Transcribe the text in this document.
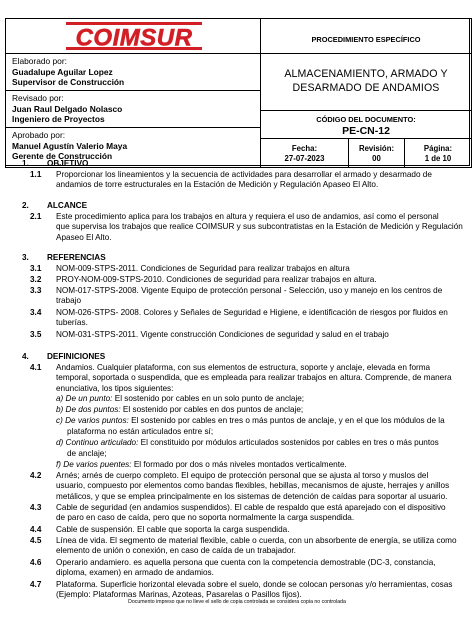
COIMSUR
Elaborado por:
Guadalupe Aguilar Lopez
Supervisor de Construcción
Revisado por:
Juan Raul Delgado Nolasco
Ingeniero de Proyectos
Aprobado por:
Manuel Agustín Valerio Maya
Gerente de Construcción
PROCEDIMIENTO ESPECÍFICO
ALMACENAMIENTO, ARMADO Y
DESARMADO DE ANDAMIOS
CÓDIGO DEL DOCUMENTO:
PE-CN-12
Fecha:
27-07-2023
Revisión:
00
Página:
1 de 10
1. OBJETIVO
1.1 Proporcionar los lineamientos y la secuencia de actividades para desarrollar el armado y desarmado de
andamios de torre estructurales en la Estación de Medición y Regulación Apaseo El Alto.
2. ALCANCE
2.1 Este procedimiento aplica para los trabajos en altura y requiera el uso de andamios, así como el personal
que supervisa los trabajos que realice COIMSUR y sus subcontratistas en la Estación de Medición y Regulación
Apaseo El Alto.
3. REFERENCIAS
3.1 NOM-009-STPS-2011. Condiciones de Seguridad para realizar trabajos en altura
3.2 PROY-NOM-009-STPS-2010. Condiciones de seguridad para realizar trabajos en altura.
3.3 NOM-017-STPS-2008. Vigente Equipo de protección personal - Selección, uso y manejo en los centros de
trabajo
3.4 NOM-026-STPS- 2008. Colores y Señales de Seguridad e Higiene, e identificación de riesgos por fluidos en
tuberías.
3.5 NOM-031-STPS-2011. Vigente construcción Condiciones de seguridad y salud en el trabajo
4. DEFINICIONES
4.1 Andamios. Cualquier plataforma, con sus elementos de estructura, soporte y anclaje, elevada en forma
temporal, soportada o suspendida, que es empleada para realizar trabajos en altura. Comprende, de manera
enunciativa, los tipos siguientes:
a) De un punto: El sostenido por cables en un solo punto de anclaje;
b) De dos puntos: El sostenido por cables en dos puntos de anclaje;
c) De varios puntos: El sostenido por cables en tres o más puntos de anclaje, y en el que los módulos de la
plataforma no están articulados entre sí;
d) Continuo articulado: El constituido por módulos articulados sostenidos por cables en tres o más puntos
de anclaje;
f) De varios puentes: El formado por dos o más niveles montados verticalmente.
4.2 Arnés; arnés de cuerpo completo. El equipo de protección personal que se ajusta al torso y muslos del
usuario, compuesto por elementos como bandas flexibles, hebillas, mecanismos de ajuste, herrajes y anillos
metálicos, y que se emplea principalmente en los sistemas de detención de caídas para soportar al usuario.
4.3 Cable de seguridad (en andamios suspendidos). El cable de respaldo que está aparejado con el dispositivo
de paro en caso de caída, pero que no soporta normalmente la carga suspendida.
4.4 Cable de suspensión. El cable que soporta la carga suspendida.
4.5 Línea de vida. El segmento de material flexible, cable o cuerda, con un absorbente de energía, se utiliza como
elemento de unión o conexión, en caso de caída de un trabajador.
4.6 Operario andamiero. es aquella persona que cuenta con la competencia demostrable (DC-3, constancia,
diploma, examen) en armado de andamios.
4.7 Plataforma. Superficie horizontal elevada sobre el suelo, donde se colocan personas y/o herramientas, cosas
(Ejemplo: Plataformas Marinas, Azoteas, Pasarelas o Pasillos fijos).
Documento impreso que no lleve el sello de copia controlada se considera copia no controlada
